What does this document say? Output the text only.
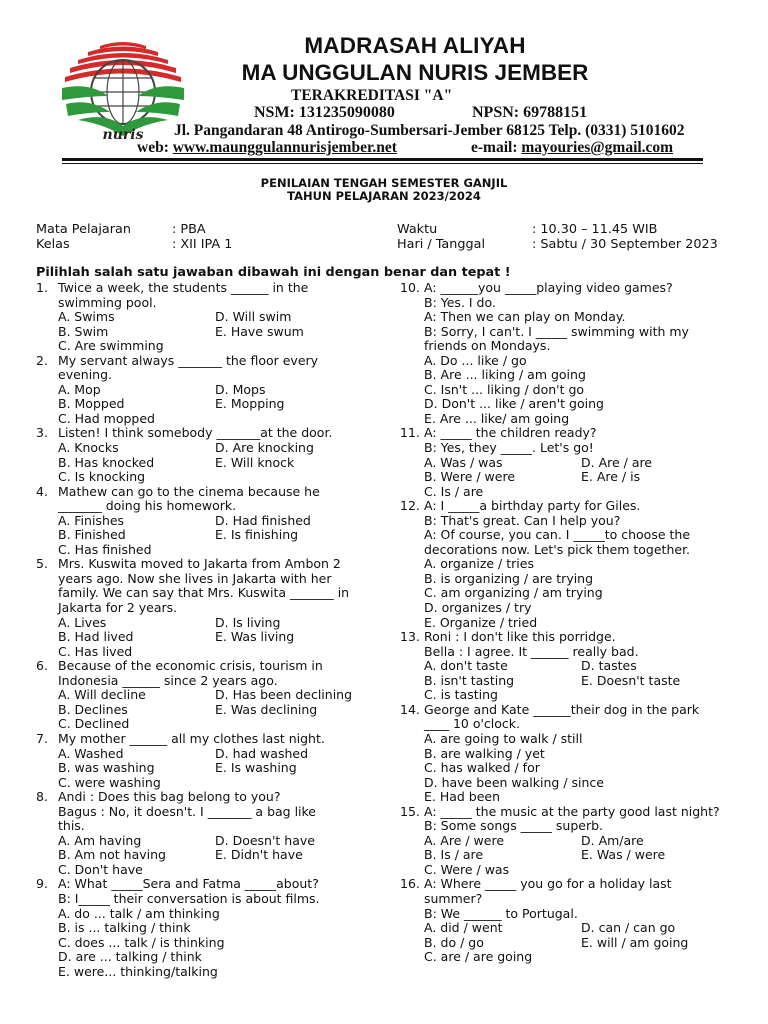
nuris
MADRASAH ALIYAH
MA UNGGULAN NURIS JEMBER
TERAKREDITASI "A"
NSM: 131235090080	NPSN: 69788151
Jl. Pangandaran 48 Antirogo-Sumbersari-Jember 68125 Telp. (0331) 5101602
web: www.maunggulannurisjember.net	e-mail: mayouries@gmail.com
PENILAIAN TENGAH SEMESTER GANJIL
TAHUN PELAJARAN 2023/2024
Mata Pelajaran	: PBA
Kelas	: XII IPA 1
Waktu	: 10.30 – 11.45 WIB
Hari / Tanggal	: Sabtu / 30 September 2023
Pilihlah salah satu jawaban dibawah ini dengan benar dan tepat !
1. Twice a week, the students ______ in the
swimming pool.
A. Swims	D. Will swim
B. Swim	E. Have swum
C. Are swimming
2. My servant always _______ the floor every
evening.
A. Mop	D. Mops
B. Mopped	E. Mopping
C. Had mopped
3. Listen! I think somebody _______at the door.
A. Knocks	D. Are knocking
B. Has knocked	E. Will knock
C. Is knocking
4. Mathew can go to the cinema because he
_______ doing his homework.
A. Finishes	D. Had finished
B. Finished	E. Is finishing
C. Has finished
5. Mrs. Kuswita moved to Jakarta from Ambon 2
years ago. Now she lives in Jakarta with her
family. We can say that Mrs. Kuswita _______ in
Jakarta for 2 years.
A. Lives	D. Is living
B. Had lived	E. Was living
C. Has lived
6. Because of the economic crisis, tourism in
Indonesia ______ since 2 years ago.
A. Will decline	D. Has been declining
B. Declines	E. Was declining
C. Declined
7. My mother ______ all my clothes last night.
A. Washed	D. had washed
B. was washing	E. Is washing
C. were washing
8. Andi : Does this bag belong to you?
Bagus : No, it doesn't. I _______ a bag like
this.
A. Am having	D. Doesn't have
B. Am not having	E. Didn't have
C. Don't have
9. A: What _____Sera and Fatma _____about?
B: I_____ their conversation is about films.
A. do ... talk / am thinking
B. is ... talking / think
C. does ... talk / is thinking
D. are ... talking / think
E. were... thinking/talking
10. A: ______you _____playing video games?
B: Yes. I do.
A: Then we can play on Monday.
B: Sorry, I can't. I _____ swimming with my
friends on Mondays.
A. Do ... like / go
B. Are ... liking / am going
C. Isn't ... liking / don't go
D. Don't ... like / aren't going
E. Are ... like/ am going
11. A: _____ the children ready?
B: Yes, they _____. Let's go!
A. Was / was	D. Are / are
B. Were / were	E. Are / is
C. Is / are
12. A: I _____a birthday party for Giles.
B: That's great. Can I help you?
A: Of course, you can. I _____to choose the
decorations now. Let's pick them together.
A. organize / tries
B. is organizing / are trying
C. am organizing / am trying
D. organizes / try
E. Organize / tried
13. Roni : I don't like this porridge.
Bella : I agree. It ______ really bad.
A. don't taste	D. tastes
B. isn't tasting	E. Doesn't taste
C. is tasting
14. George and Kate ______their dog in the park
____ 10 o'clock.
A. are going to walk / still
B. are walking / yet
C. has walked / for
D. have been walking / since
E. Had been
15. A: _____ the music at the party good last night?
B: Some songs _____ superb.
A. Are / were	D. Am/are
B. Is / are	E. Was / were
C. Were / was
16. A: Where _____ you go for a holiday last
summer?
B: We ______ to Portugal.
A. did / went	D. can / can go
B. do / go	E. will / am going
C. are / are going
